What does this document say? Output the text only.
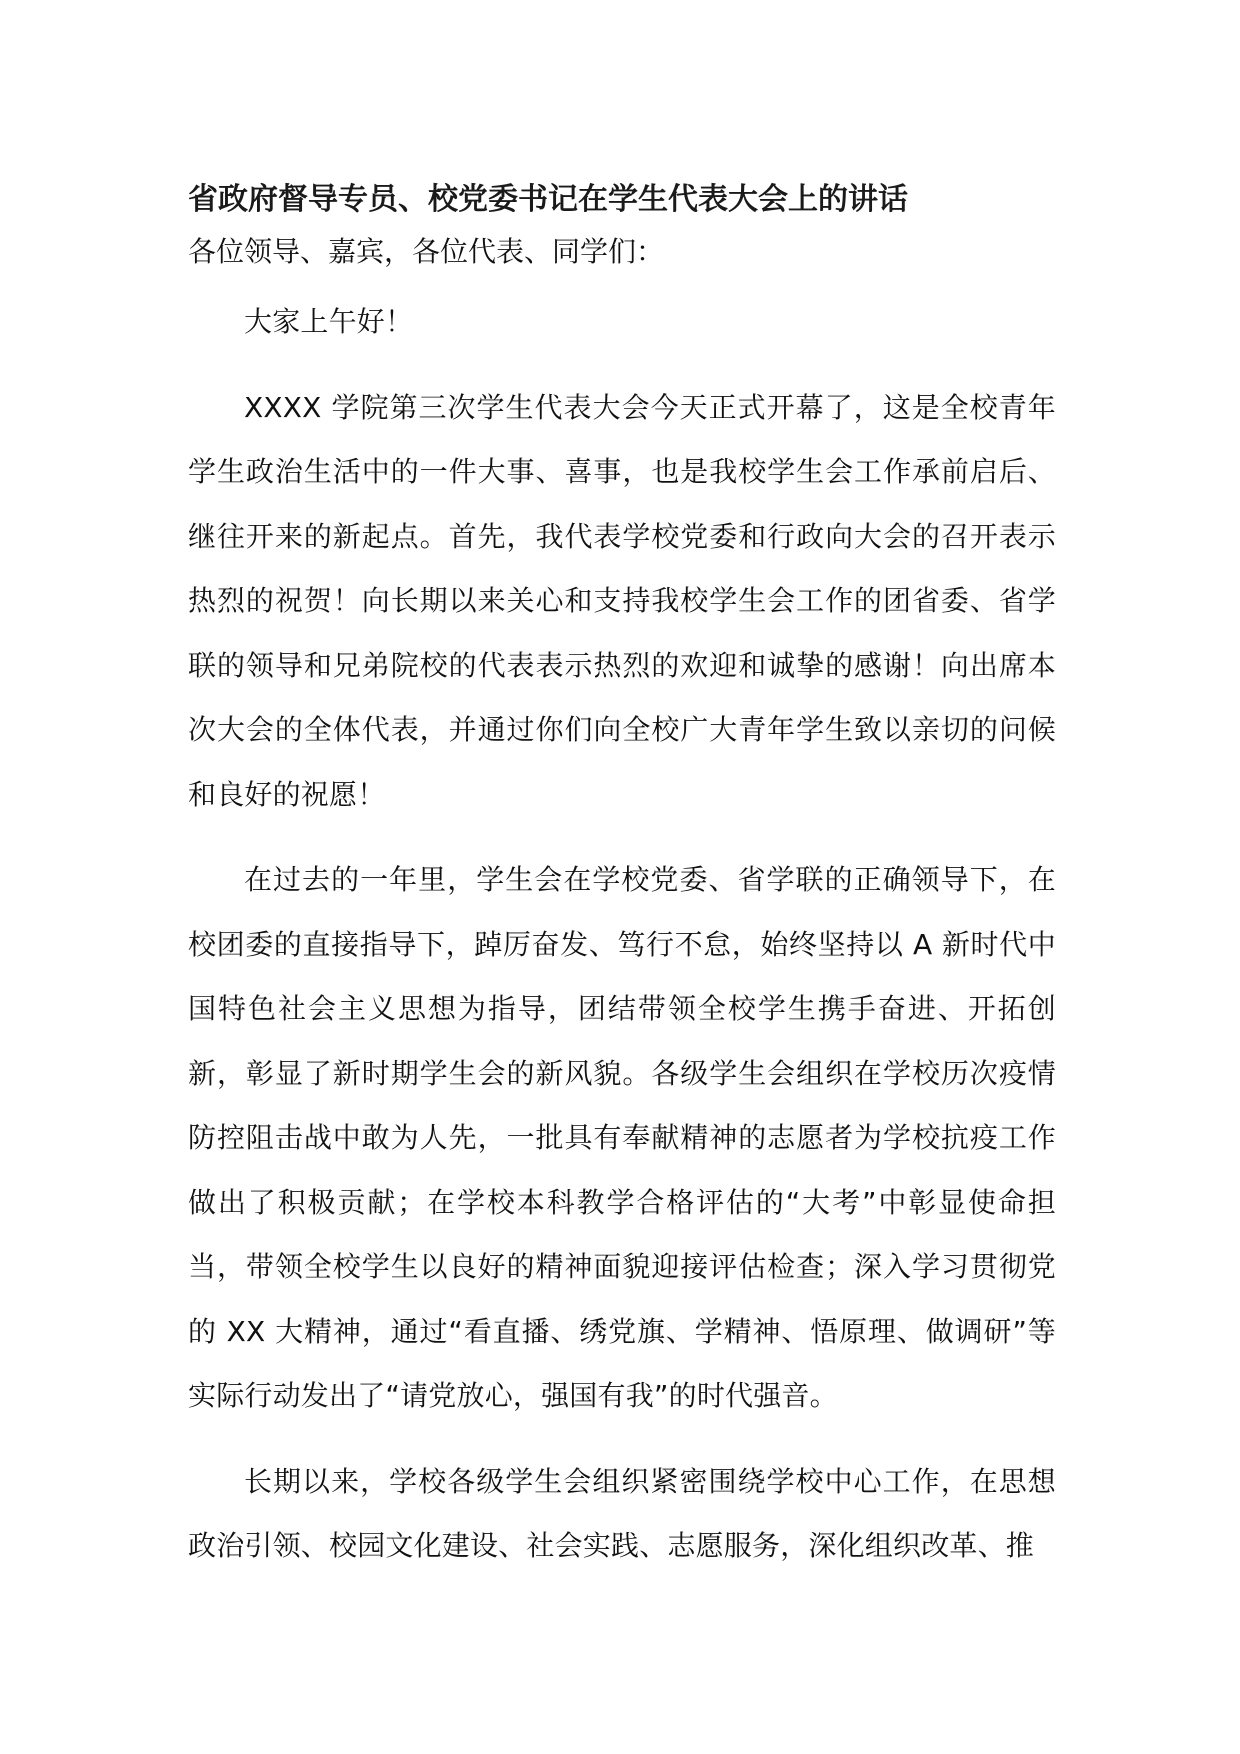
省政府督导专员、校党委书记在学生代表大会上的讲话
各位领导、嘉宾，各位代表、同学们：

大家上午好！

XXXX 学院第三次学生代表大会今天正式开幕了，这是全校青年学生政治生活中的一件大事、喜事，也是我校学生会工作承前启后、继往开来的新起点。首先，我代表学校党委和行政向大会的召开表示热烈的祝贺！向长期以来关心和支持我校学生会工作的团省委、省学联的领导和兄弟院校的代表表示热烈的欢迎和诚挚的感谢！向出席本次大会的全体代表，并通过你们向全校广大青年学生致以亲切的问候和良好的祝愿！

在过去的一年里，学生会在学校党委、省学联的正确领导下，在校团委的直接指导下，踔厉奋发、笃行不怠，始终坚持以 A 新时代中国特色社会主义思想为指导，团结带领全校学生携手奋进、开拓创新，彰显了新时期学生会的新风貌。各级学生会组织在学校历次疫情防控阻击战中敢为人先，一批具有奉献精神的志愿者为学校抗疫工作做出了积极贡献；在学校本科教学合格评估的“大考”中彰显使命担当，带领全校学生以良好的精神面貌迎接评估检查；深入学习贯彻党的 XX 大精神，通过“看直播、绣党旗、学精神、悟原理、做调研”等实际行动发出了“请党放心，强国有我”的时代强音。

长期以来，学校各级学生会组织紧密围绕学校中心工作，在思想政治引领、校园文化建设、社会实践、志愿服务，深化组织改革、推
